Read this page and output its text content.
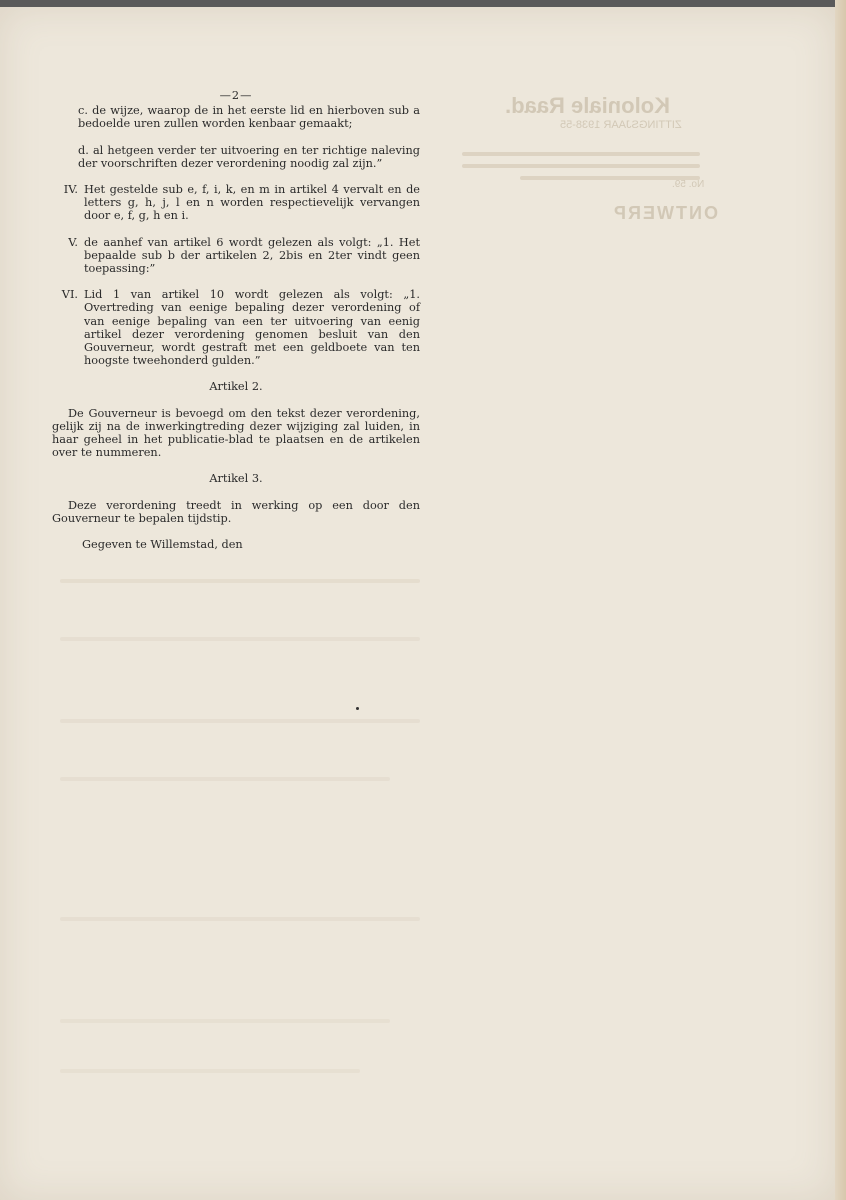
Koloniale Raad.
ZITTINGSJAAR 1938-55
No. 59.
ONTWERP
—2—
c. de wijze, waarop de in het eerste lid en hierboven sub a bedoelde uren zullen worden kenbaar gemaakt;
d. al hetgeen verder ter uitvoering en ter richtige naleving der voorschriften dezer verordening noodig zal zijn.”
IV. Het gestelde sub e, f, i, k, en m in artikel 4 vervalt en de letters g, h, j, l en n worden respectievelijk vervangen door e, f, g, h en i.
V. de aanhef van artikel 6 wordt gelezen als volgt: „1. Het bepaalde sub b der artikelen 2, 2bis en 2ter vindt geen toepassing:”
VI. Lid 1 van artikel 10 wordt gelezen als volgt: „1. Overtreding van eenige bepaling dezer verordening of van eenige bepaling van een ter uitvoering van eenig artikel dezer verordening genomen besluit van den Gouverneur, wordt gestraft met een geldboete van ten hoogste tweehonderd gulden.”
Artikel 2.

De Gouverneur is bevoegd om den tekst dezer verordening, gelijk zij na de inwerkingtreding dezer wijziging zal luiden, in haar geheel in het publicatie-blad te plaatsen en de artikelen over te nummeren.

Artikel 3.

Deze verordening treedt in werking op een door den Gouverneur te bepalen tijdstip.

Gegeven te Willemstad, den
